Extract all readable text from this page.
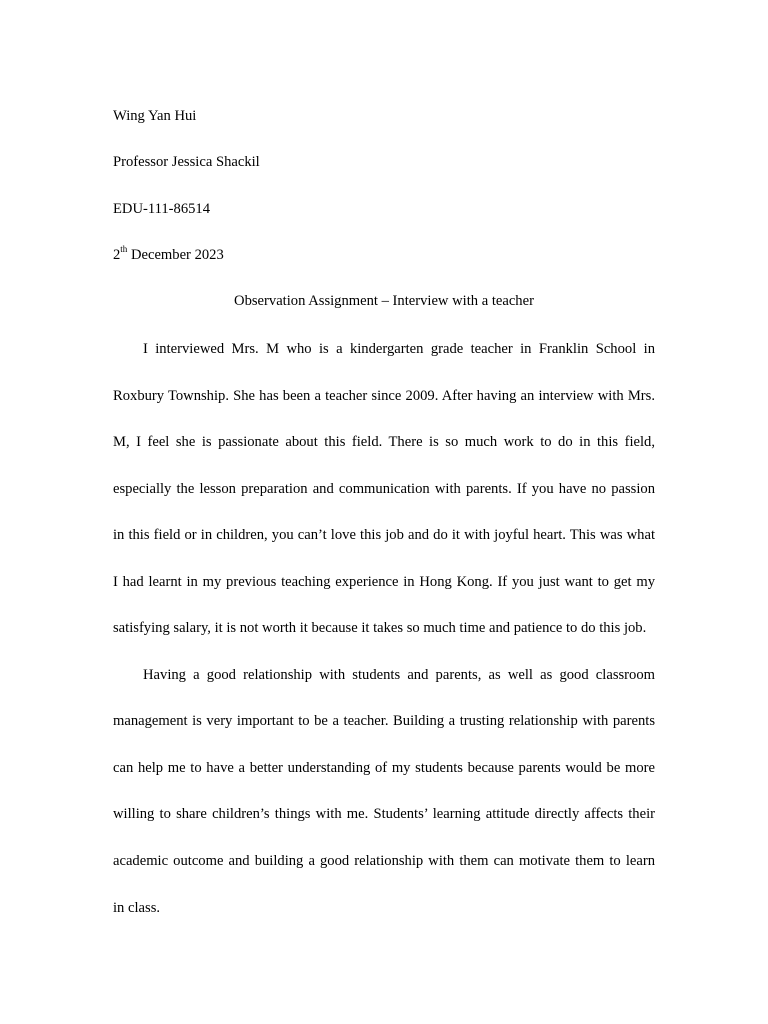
Wing Yan Hui
Professor Jessica Shackil
EDU-111-86514
2th December 2023
Observation Assignment – Interview with a teacher
I interviewed Mrs. M who is a kindergarten grade teacher in Franklin School in
Roxbury Township. She has been a teacher since 2009. After having an interview with Mrs.
M, I feel she is passionate about this field. There is so much work to do in this field,
especially the lesson preparation and communication with parents. If you have no passion
in this field or in children, you can’t love this job and do it with joyful heart. This was what
I had learnt in my previous teaching experience in Hong Kong. If you just want to get my
satisfying salary, it is not worth it because it takes so much time and patience to do this job.
Having a good relationship with students and parents, as well as good classroom
management is very important to be a teacher. Building a trusting relationship with parents
can help me to have a better understanding of my students because parents would be more
willing to share children’s things with me. Students’ learning attitude directly affects their
academic outcome and building a good relationship with them can motivate them to learn
in class.
